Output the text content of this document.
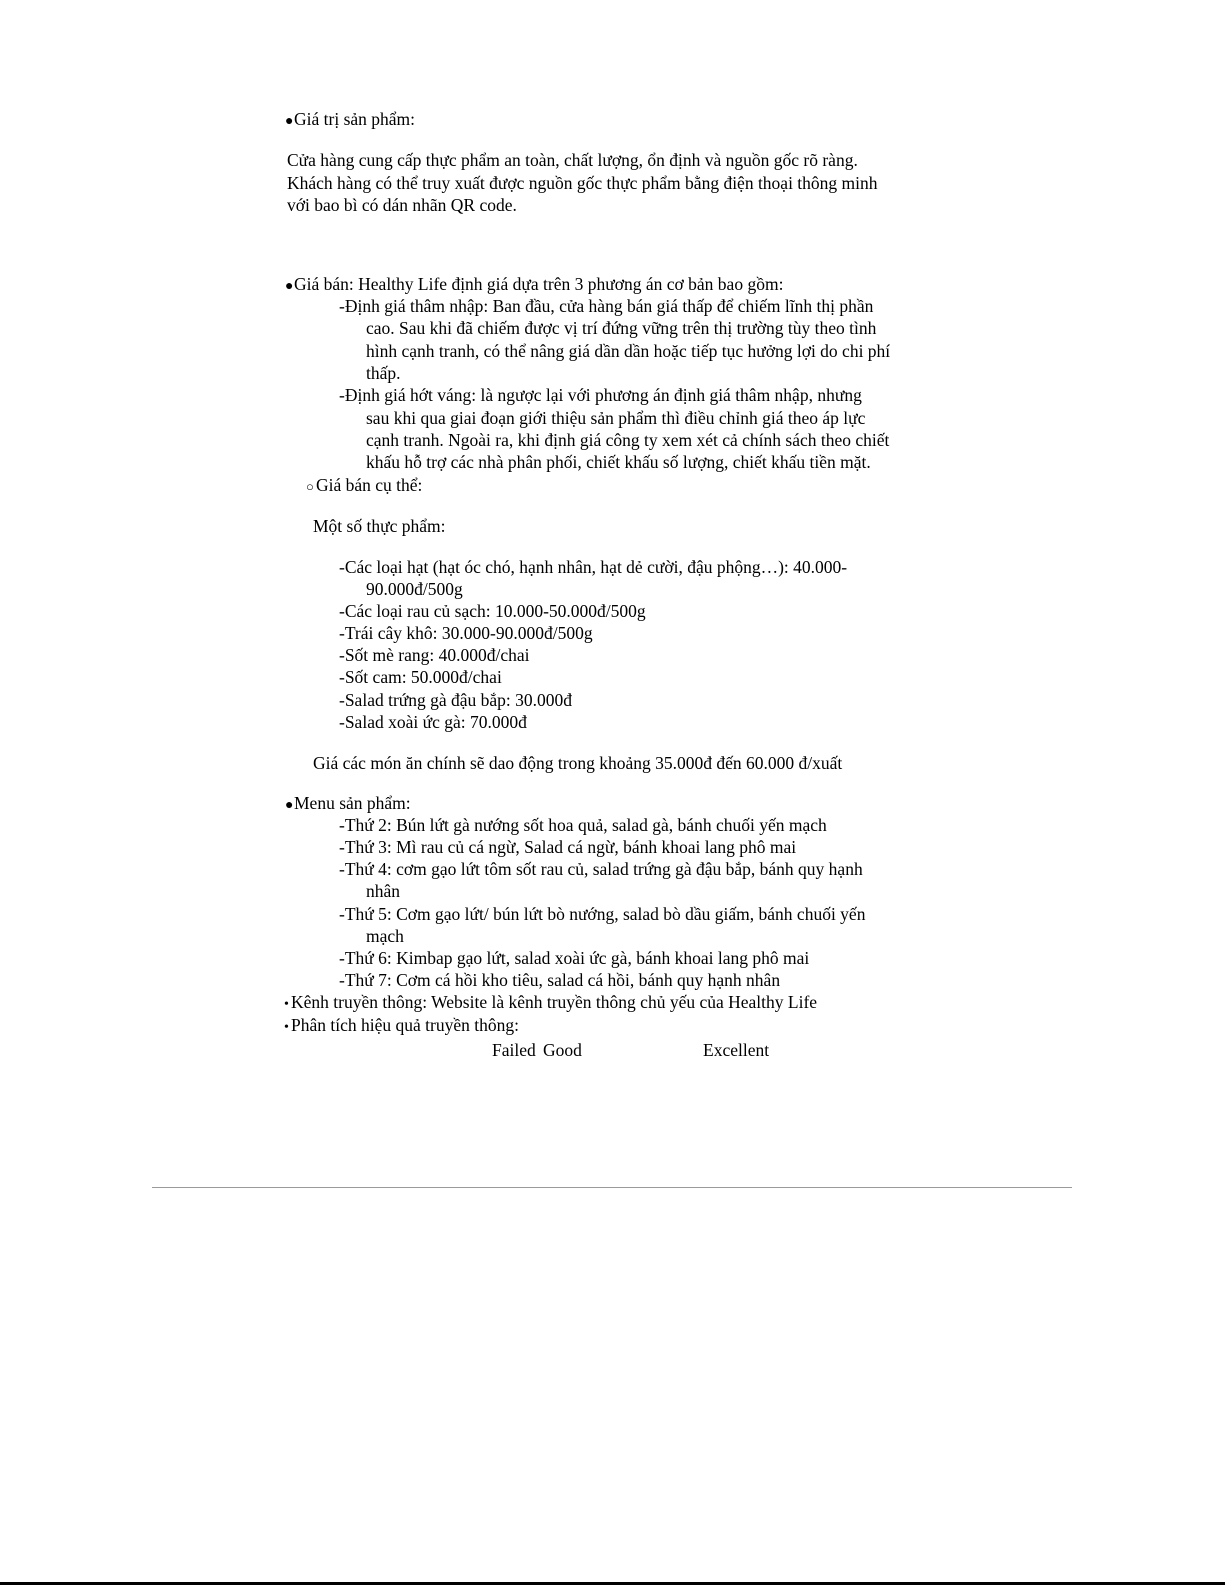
●Giá trị sản phẩm:
Cửa hàng cung cấp thực phẩm an toàn, chất lượng, ổn định và nguồn gốc rõ ràng.
Khách hàng có thể truy xuất được nguồn gốc thực phẩm bằng điện thoại thông minh
với bao bì có dán nhãn QR code.
●Giá bán: Healthy Life định giá dựa trên 3 phương án cơ bản bao gồm:
-Định giá thâm nhập: Ban đầu, cửa hàng bán giá thấp để chiếm lĩnh thị phần
cao. Sau khi đã chiếm được vị trí đứng vững trên thị trường tùy theo tình
hình cạnh tranh, có thể nâng giá dần dần hoặc tiếp tục hưởng lợi do chi phí
thấp.
-Định giá hớt váng: là ngược lại với phương án định giá thâm nhập, nhưng
sau khi qua giai đoạn giới thiệu sản phẩm thì điều chỉnh giá theo áp lực
cạnh tranh. Ngoài ra, khi định giá công ty xem xét cả chính sách theo chiết
khấu hỗ trợ các nhà phân phối, chiết khấu số lượng, chiết khấu tiền mặt.
○ Giá bán cụ thể:
Một số thực phẩm:
-Các loại hạt (hạt óc chó, hạnh nhân, hạt dẻ cười, đậu phộng…): 40.000-
90.000đ/500g
-Các loại rau củ sạch: 10.000-50.000đ/500g
-Trái cây khô: 30.000-90.000đ/500g
-Sốt mè rang: 40.000đ/chai
-Sốt cam: 50.000đ/chai
-Salad trứng gà đậu bắp: 30.000đ
-Salad xoài ức gà: 70.000đ
Giá các món ăn chính sẽ dao động trong khoảng 35.000đ đến 60.000 đ/xuất
●Menu sản phẩm:
-Thứ 2: Bún lứt gà nướng sốt hoa quả, salad gà, bánh chuối yến mạch
-Thứ 3: Mì rau củ cá ngừ, Salad cá ngừ, bánh khoai lang phô mai
-Thứ 4: cơm gạo lứt tôm sốt rau củ, salad trứng gà đậu bắp, bánh quy hạnh
nhân
-Thứ 5: Cơm gạo lứt/ bún lứt bò nướng, salad bò dầu giấm, bánh chuối yến
mạch
-Thứ 6: Kimbap gạo lứt, salad xoài ức gà, bánh khoai lang phô mai
-Thứ 7: Cơm cá hồi kho tiêu, salad cá hồi, bánh quy hạnh nhân
• Kênh truyền thông: Website là kênh truyền thông chủ yếu của Healthy Life
• Phân tích hiệu quả truyền thông:
Failed Good	Excellent
